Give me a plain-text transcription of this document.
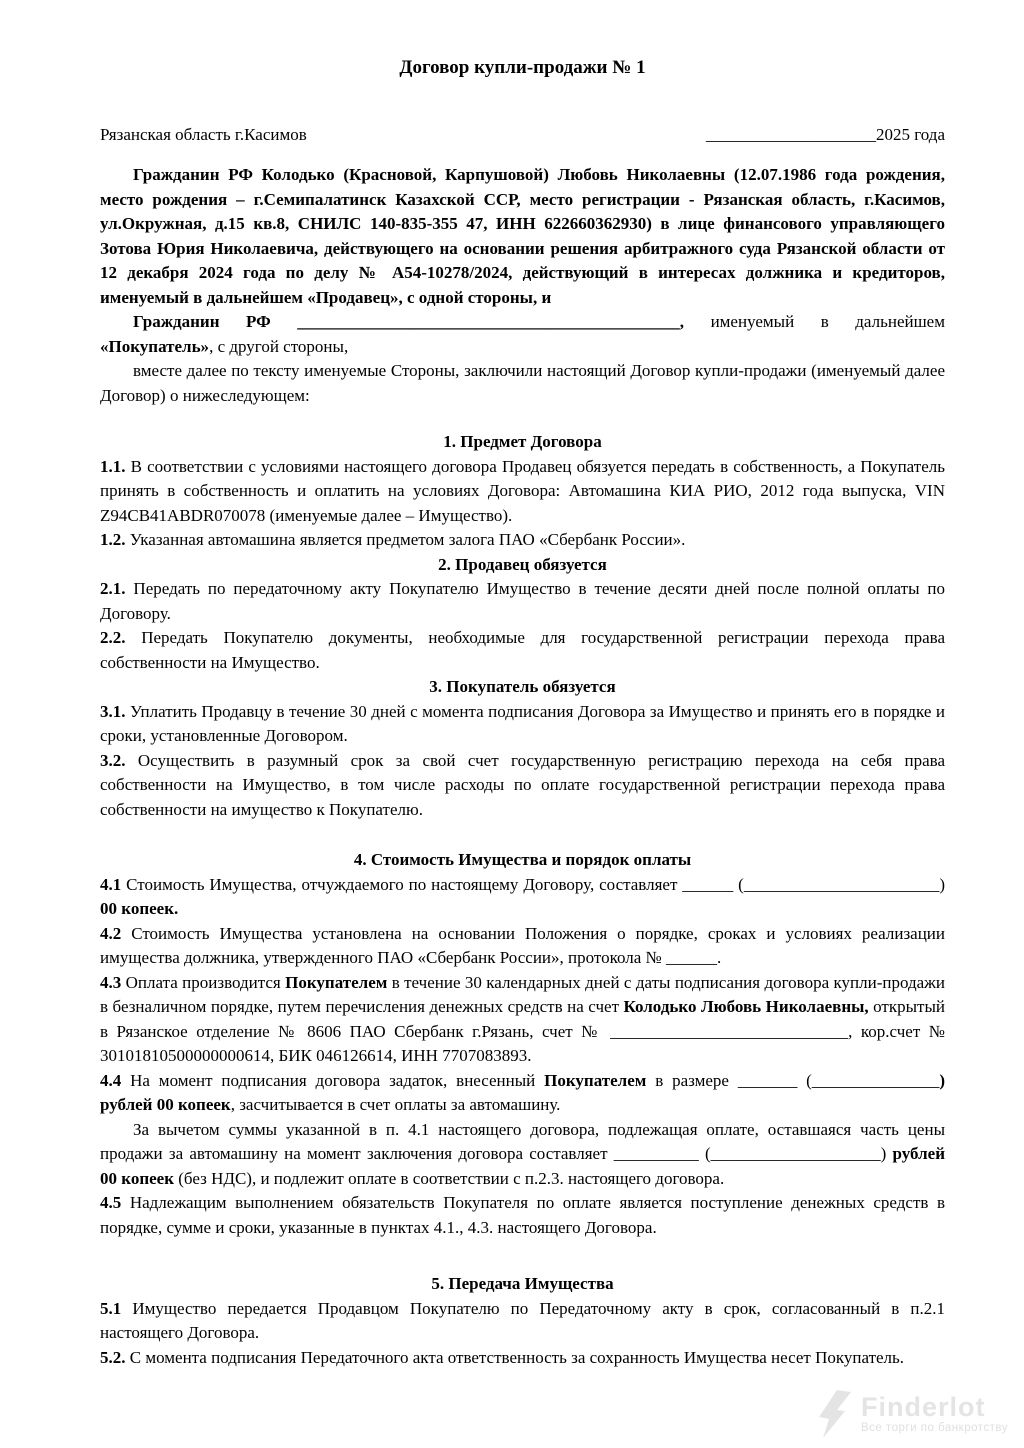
Договор купли-продажи № 1

Рязанская область г.Касимов	____________________2025 года

Гражданин РФ Колодько (Красновой, Карпушовой) Любовь Николаевны (12.07.1986 года рождения, место рождения – г.Семипалатинск Казахской ССР, место регистрации - Рязанская область, г.Касимов, ул.Окружная, д.15 кв.8, СНИЛС 140-835-355 47, ИНН 622660362930) в лице финансового управляющего Зотова Юрия Николаевича, действующего на основании решения арбитражного суда Рязанской области от 12 декабря 2024 года по делу № А54-10278/2024, действующий в интересах должника и кредиторов, именуемый в дальнейшем «Продавец», с одной стороны, и

Гражданин РФ _____________________________________________, именуемый в дальнейшем «Покупатель», с другой стороны,

вместе далее по тексту именуемые Стороны, заключили настоящий Договор купли-продажи (именуемый далее Договор) о нижеследующем:

1. Предмет Договора

1.1. В соответствии с условиями настоящего договора Продавец обязуется передать в собственность, а Покупатель принять в собственность и оплатить на условиях Договора: Автомашина КИА РИО, 2012 года выпуска, VIN Z94CB41ABDR070078 (именуемые далее – Имущество).

1.2. Указанная автомашина является предметом залога ПАО «Сбербанк России».

2. Продавец обязуется

2.1. Передать по передаточному акту Покупателю Имущество в течение десяти дней после полной оплаты по Договору.

2.2. Передать Покупателю документы, необходимые для государственной регистрации перехода права собственности на Имущество.

3. Покупатель обязуется

3.1. Уплатить Продавцу в течение 30 дней с момента подписания Договора за Имущество и принять его в порядке и сроки, установленные Договором.

3.2. Осуществить в разумный срок за свой счет государственную регистрацию перехода на себя права собственности на Имущество, в том числе расходы по оплате государственной регистрации перехода права собственности на имущество к Покупателю.

4. Стоимость Имущества и порядок оплаты

4.1 Стоимость Имущества, отчуждаемого по настоящему Договору, составляет ______ (_______________________) 00 копеек.

4.2 Стоимость Имущества установлена на основании Положения о порядке, сроках и условиях реализации имущества должника, утвержденного ПАО «Сбербанк России», протокола № ______.

4.3 Оплата производится Покупателем в течение 30 календарных дней с даты подписания договора купли-продажи в безналичном порядке, путем перечисления денежных средств на счет Колодько Любовь Николаевны, открытый в Рязанское отделение № 8606 ПАО Сбербанк г.Рязань, счет № ____________________________, кор.счет № 30101810500000000614, БИК 046126614, ИНН 7707083893.

4.4 На момент подписания договора задаток, внесенный Покупателем в размере _______ (_______________) рублей 00 копеек, засчитывается в счет оплаты за автомашину.

За вычетом суммы указанной в п. 4.1 настоящего договора, подлежащая оплате, оставшаяся часть цены продажи за автомашину на момент заключения договора составляет __________ (____________________) рублей 00 копеек (без НДС), и подлежит оплате в соответствии с п.2.3. настоящего договора.

4.5 Надлежащим выполнением обязательств Покупателя по оплате является поступление денежных средств в порядке, сумме и сроки, указанные в пунктах 4.1., 4.3. настоящего Договора.

5. Передача Имущества

5.1 Имущество передается Продавцом Покупателю по Передаточному акту в срок, согласованный в п.2.1 настоящего Договора.

5.2. С момента подписания Передаточного акта ответственность за сохранность Имущества несет Покупатель.

Finderlot
Все торги по банкротству
